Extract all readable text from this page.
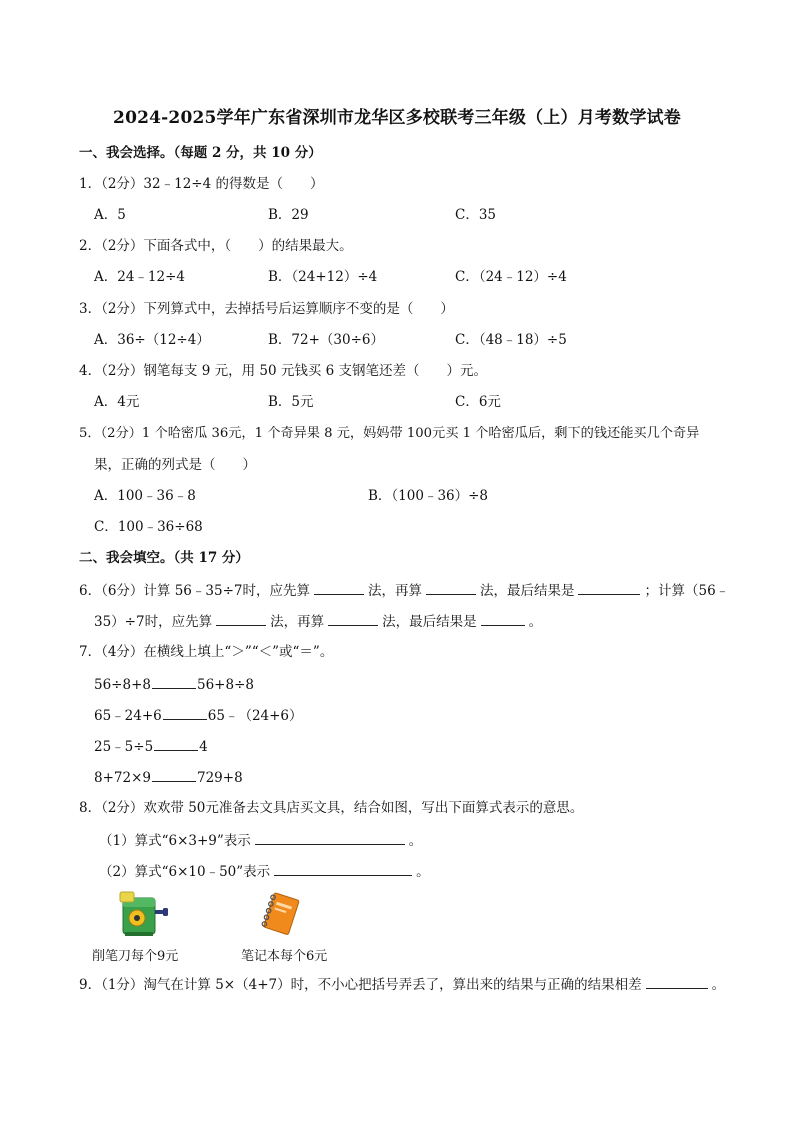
2024-2025学年广东省深圳市龙华区多校联考三年级（上）月考数学试卷
一、我会选择。（每题 2 分，共 10 分）
1．（2分）32﹣12÷4 的得数是（　　）
A．5	B．29	C．35
2．（2分）下面各式中，（　　）的结果最大。
A．24﹣12÷4	B．（24+12）÷4	C．（24﹣12）÷4
3．（2分）下列算式中，去掉括号后运算顺序不变的是（　　）
A．36÷（12÷4）	B．72+（30÷6）	C．（48﹣18）÷5
4．（2分）钢笔每支 9 元，用 50 元钱买 6 支钢笔还差（　　）元。
A．4元	B．5元	C．6元
5．（2分）1 个哈密瓜 36元，1 个奇异果 8 元，妈妈带 100元买 1 个哈密瓜后，剩下的钱还能买几个奇异
果，正确的列式是（　　）
A．100﹣36﹣8	B．（100﹣36）÷8
C．100﹣36÷68
二、我会填空。（共 17 分）
6．（6分）计算 56﹣35÷7时，应先算	法，再算	法，最后结果是	；计算（56﹣
35）÷7时，应先算	法，再算	法，最后结果是	。
7．（4分）在横线上填上“＞”“＜”或“＝”。
56÷8+8	56+8÷8
65﹣24+6	65﹣（24+6）
25﹣5÷5	4
8+72×9	729+8
8．（2分）欢欢带 50元准备去文具店买文具，结合如图，写出下面算式表示的意思。
（1）算式“6×3+9”表示	。
（2）算式“6×10﹣50”表示	。
削笔刀每个9元	笔记本每个6元
9．（1分）淘气在计算 5×（4+7）时，不小心把括号弄丢了，算出来的结果与正确的结果相差	。
